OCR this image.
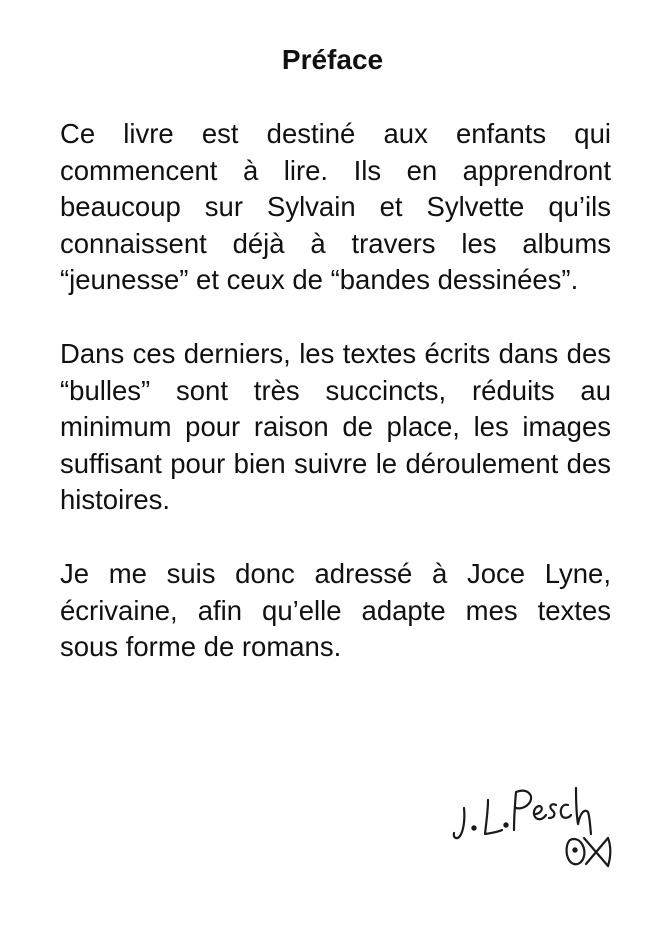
Préface

Ce livre est destiné aux enfants qui commencent à lire. Ils en apprendront beaucoup sur Sylvain et Sylvette qu’ils connaissent déjà à travers les albums “jeunesse” et ceux de “bandes dessinées”.

Dans ces derniers, les textes écrits dans des “bulles” sont très succincts, réduits au minimum pour raison de place, les images suffisant pour bien suivre le déroulement des histoires.

Je me suis donc adressé à Joce Lyne, écrivaine, afin qu’elle adapte mes textes sous forme de romans.
